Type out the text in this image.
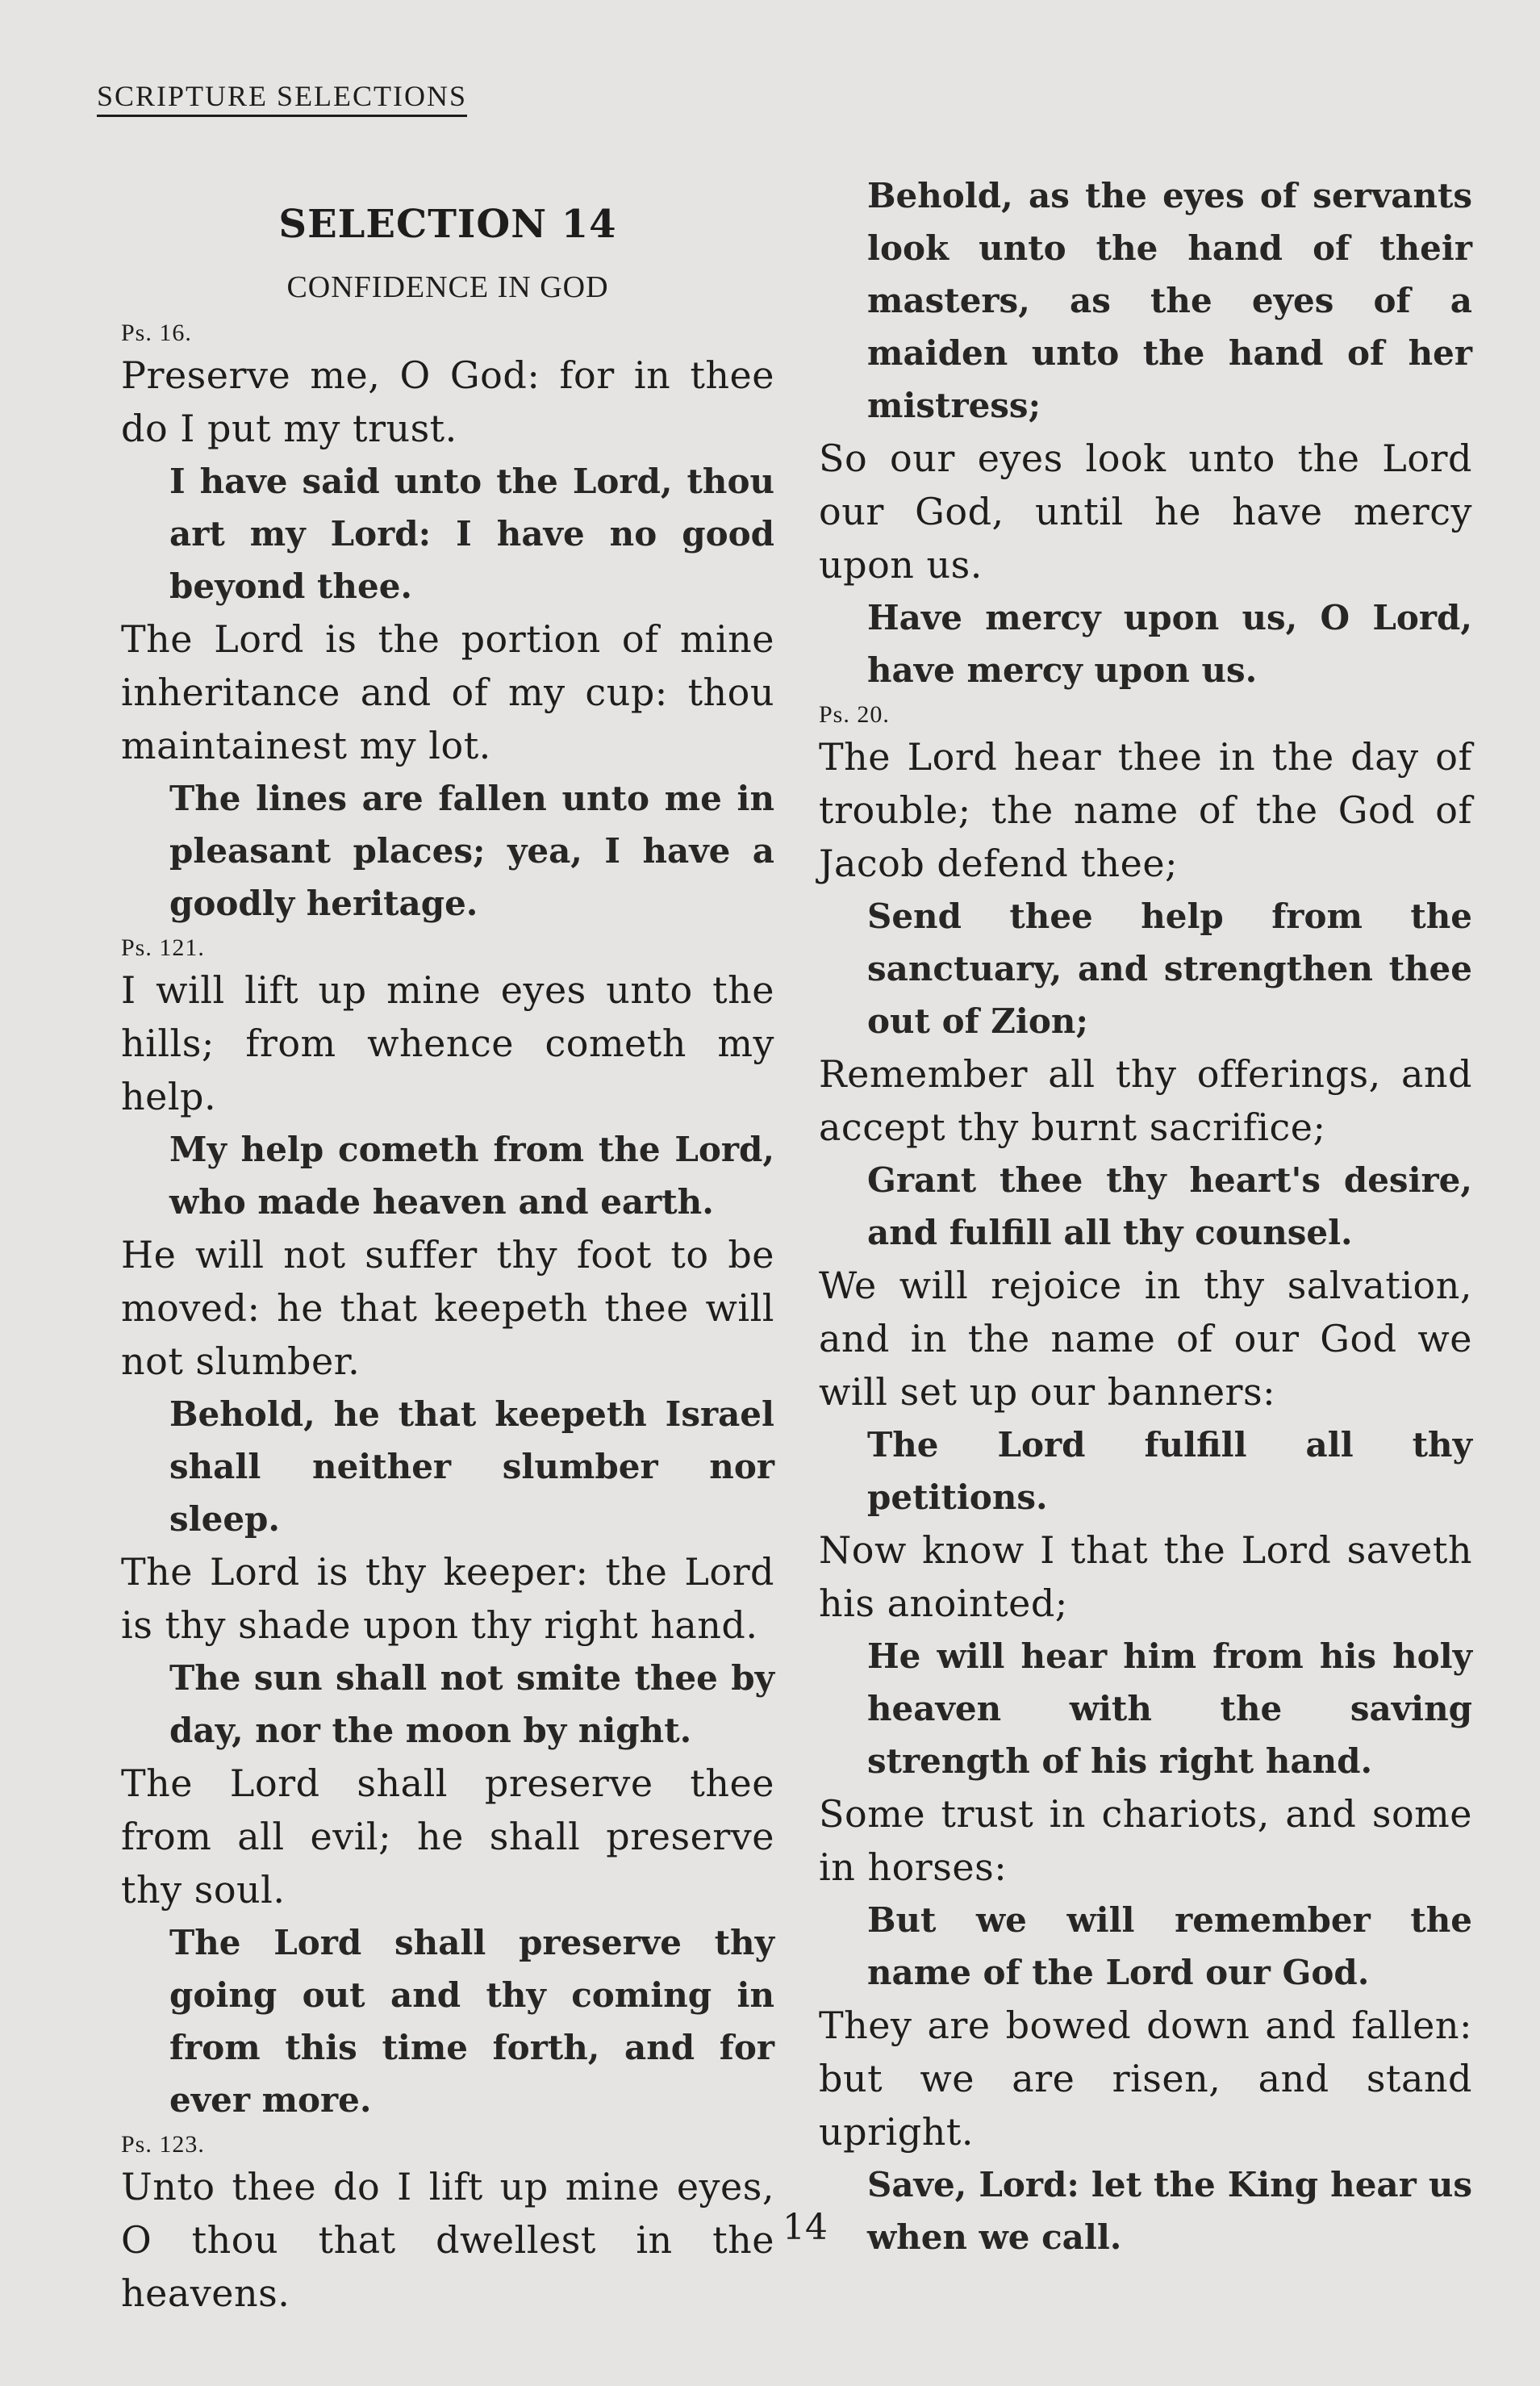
SCRIPTURE SELECTIONS
SELECTION 14
CONFIDENCE IN GOD
Ps. 16.
Preserve me, O God: for in thee do I put my trust.
I have said unto the Lord, thou art my Lord: I have no good beyond thee.
The Lord is the portion of mine inheritance and of my cup: thou maintainest my lot.
The lines are fallen unto me in pleasant places; yea, I have a goodly heritage.
Ps. 121.
I will lift up mine eyes unto the hills; from whence cometh my help.
My help cometh from the Lord, who made heaven and earth.
He will not suffer thy foot to be moved: he that keepeth thee will not slumber.
Behold, he that keepeth Israel shall neither slumber nor sleep.
The Lord is thy keeper: the Lord is thy shade upon thy right hand.
The sun shall not smite thee by day, nor the moon by night.
The Lord shall preserve thee from all evil; he shall preserve thy soul.
The Lord shall preserve thy going out and thy coming in from this time forth, and for ever more.
Ps. 123.
Unto thee do I lift up mine eyes, O thou that dwellest in the heavens.
Behold, as the eyes of servants look unto the hand of their masters, as the eyes of a maiden unto the hand of her mistress;
So our eyes look unto the Lord our God, until he have mercy upon us.
Have mercy upon us, O Lord, have mercy upon us.
Ps. 20.
The Lord hear thee in the day of trouble; the name of the God of Jacob defend thee;
Send thee help from the sanctuary, and strengthen thee out of Zion;
Remember all thy offerings, and accept thy burnt sacrifice;
Grant thee thy heart's desire, and fulfill all thy counsel.
We will rejoice in thy salvation, and in the name of our God we will set up our banners:
The Lord fulfill all thy petitions.
Now know I that the Lord saveth his anointed;
He will hear him from his holy heaven with the saving strength of his right hand.
Some trust in chariots, and some in horses:
But we will remember the name of the Lord our God.
They are bowed down and fallen: but we are risen, and stand upright.
Save, Lord: let the King hear us when we call.
14
